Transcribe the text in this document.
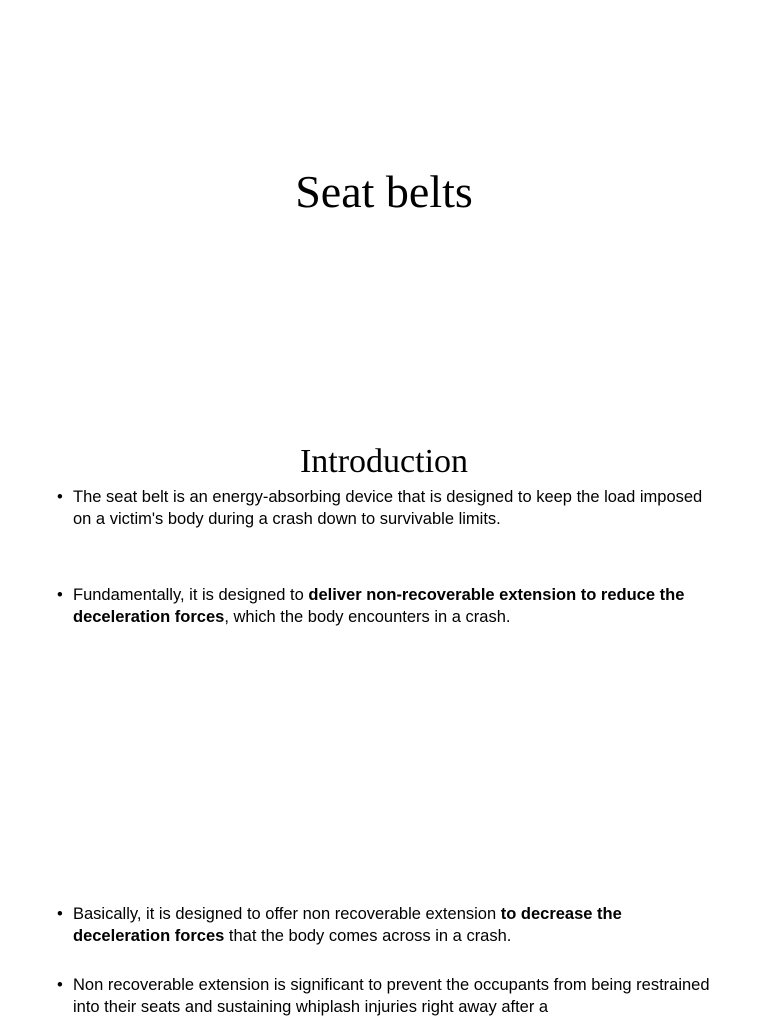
Seat belts
Introduction
• The seat belt is an energy-absorbing device that is designed to keep the load imposed on a victim's body during a crash down to survivable limits.
• Fundamentally, it is designed to deliver non-recoverable extension to reduce the deceleration forces, which the body encounters in a crash.
• Basically, it is designed to offer non recoverable extension to decrease the deceleration forces that the body comes across in a crash.
• Non recoverable extension is significant to prevent the occupants from being restrained into their seats and sustaining whiplash injuries right away after a
